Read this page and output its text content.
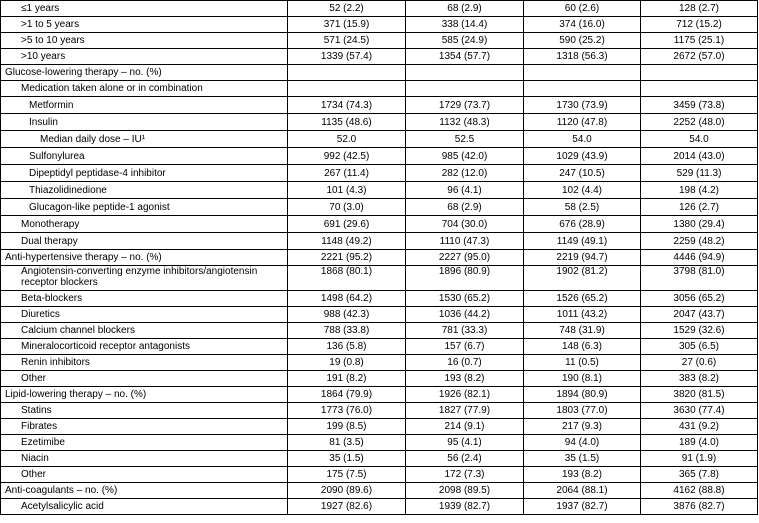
≤1 years	52 (2.2)	68 (2.9)	60 (2.6)	128 (2.7)
>1 to 5 years	371 (15.9)	338 (14.4)	374 (16.0)	712 (15.2)
>5 to 10 years	571 (24.5)	585 (24.9)	590 (25.2)	1175 (25.1)
>10 years	1339 (57.4)	1354 (57.7)	1318 (56.3)	2672 (57.0)
Glucose-lowering therapy – no. (%)				
Medication taken alone or in combination				
Metformin	1734 (74.3)	1729 (73.7)	1730 (73.9)	3459 (73.8)
Insulin	1135 (48.6)	1132 (48.3)	1120 (47.8)	2252 (48.0)
Median daily dose – IU¹	52.0	52.5	54.0	54.0
Sulfonylurea	992 (42.5)	985 (42.0)	1029 (43.9)	2014 (43.0)
Dipeptidyl peptidase-4 inhibitor	267 (11.4)	282 (12.0)	247 (10.5)	529 (11.3)
Thiazolidinedione	101 (4.3)	96 (4.1)	102 (4.4)	198 (4.2)
Glucagon-like peptide-1 agonist	70 (3.0)	68 (2.9)	58 (2.5)	126 (2.7)
Monotherapy	691 (29.6)	704 (30.0)	676 (28.9)	1380 (29.4)
Dual therapy	1148 (49.2)	1110 (47.3)	1149 (49.1)	2259 (48.2)
Anti-hypertensive therapy – no. (%)	2221 (95.2)	2227 (95.0)	2219 (94.7)	4446 (94.9)
Angiotensin-converting enzyme inhibitors/angiotensin receptor blockers	1868 (80.1)	1896 (80.9)	1902 (81.2)	3798 (81.0)
Beta-blockers	1498 (64.2)	1530 (65.2)	1526 (65.2)	3056 (65.2)
Diuretics	988 (42.3)	1036 (44.2)	1011 (43.2)	2047 (43.7)
Calcium channel blockers	788 (33.8)	781 (33.3)	748 (31.9)	1529 (32.6)
Mineralocorticoid receptor antagonists	136 (5.8)	157 (6.7)	148 (6.3)	305 (6.5)
Renin inhibitors	19 (0.8)	16 (0.7)	11 (0.5)	27 (0.6)
Other	191 (8.2)	193 (8.2)	190 (8.1)	383 (8.2)
Lipid-lowering therapy – no. (%)	1864 (79.9)	1926 (82.1)	1894 (80.9)	3820 (81.5)
Statins	1773 (76.0)	1827 (77.9)	1803 (77.0)	3630 (77.4)
Fibrates	199 (8.5)	214 (9.1)	217 (9.3)	431 (9.2)
Ezetimibe	81 (3.5)	95 (4.1)	94 (4.0)	189 (4.0)
Niacin	35 (1.5)	56 (2.4)	35 (1.5)	91 (1.9)
Other	175 (7.5)	172 (7.3)	193 (8.2)	365 (7.8)
Anti-coagulants – no. (%)	2090 (89.6)	2098 (89.5)	2064 (88.1)	4162 (88.8)
Acetylsalicylic acid	1927 (82.6)	1939 (82.7)	1937 (82.7)	3876 (82.7)
